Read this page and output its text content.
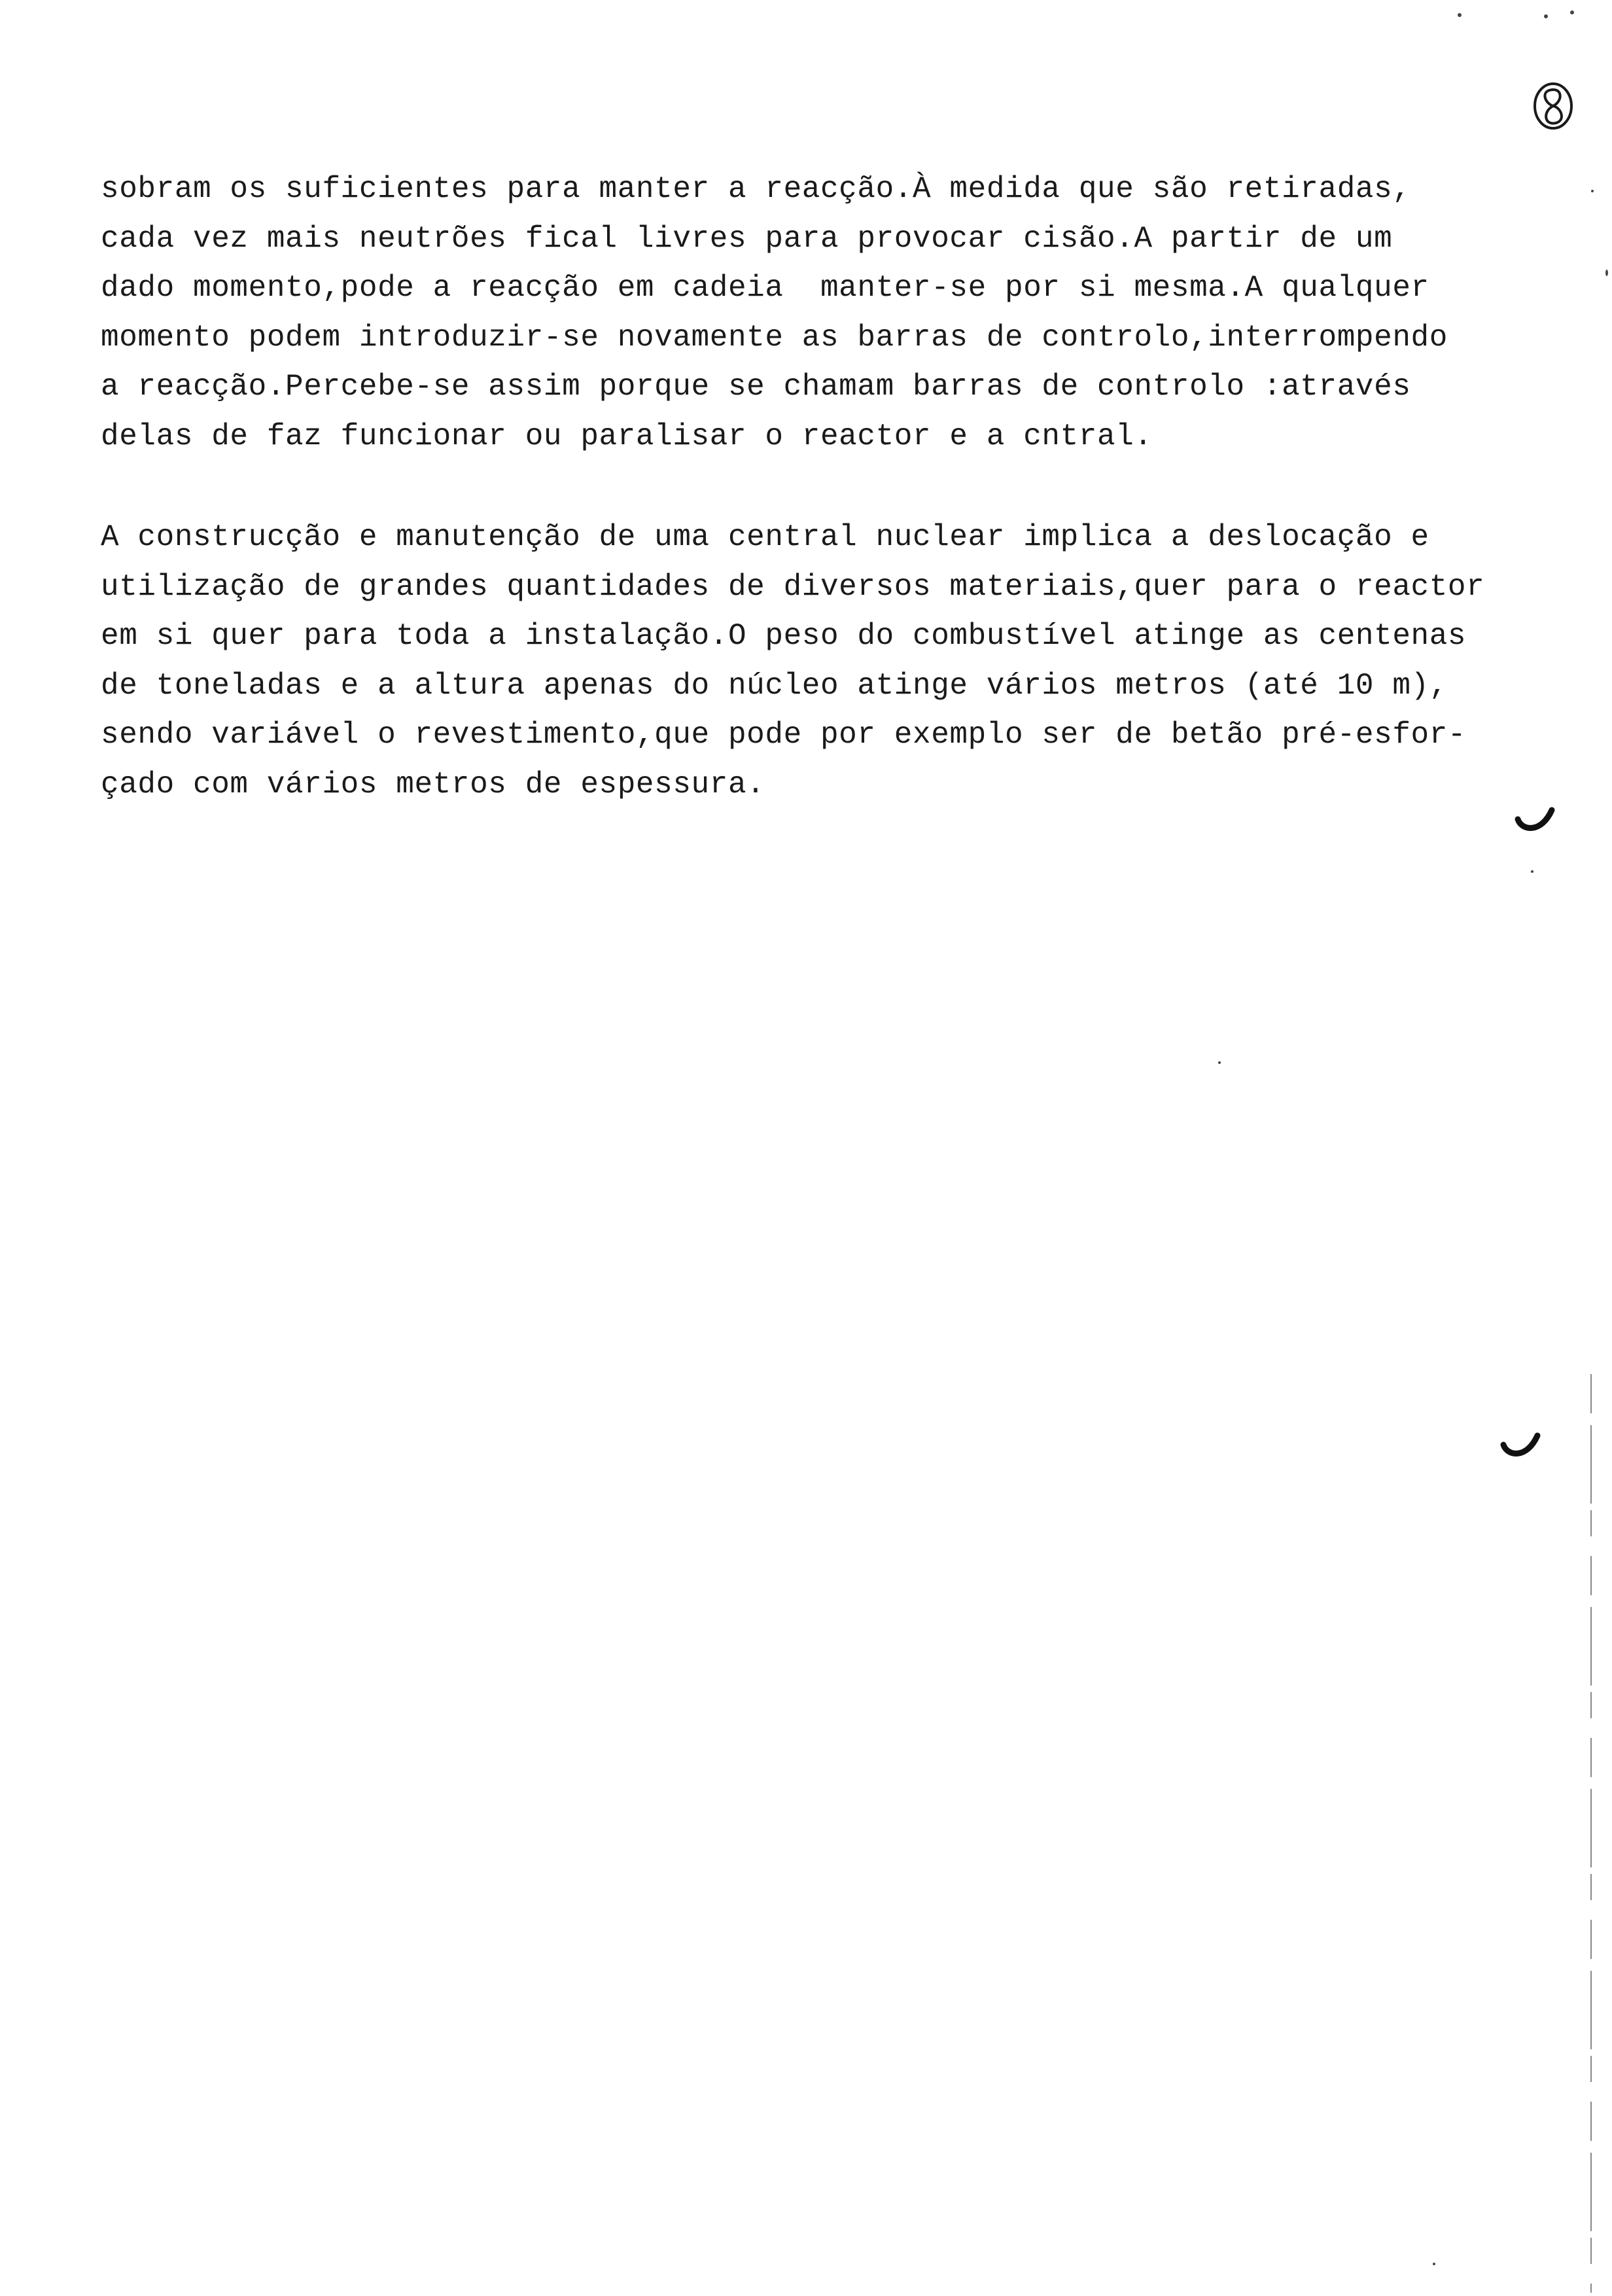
sobram os suficientes para manter a reacção.À medida que são retiradas,
cada vez mais neutrões fical livres para provocar cisão.A partir de um
dado momento,pode a reacção em cadeia  manter-se por si mesma.A qualquer
momento podem introduzir-se novamente as barras de controlo,interrompendo
a reacção.Percebe-se assim porque se chamam barras de controlo :através
delas de faz funcionar ou paralisar o reactor e a cntral.
A construcção e manutenção de uma central nuclear implica a deslocação e
utilização de grandes quantidades de diversos materiais,quer para o reactor
em si quer para toda a instalação.O peso do combustível atinge as centenas
de toneladas e a altura apenas do núcleo atinge vários metros (até 10 m),
sendo variável o revestimento,que pode por exemplo ser de betão pré-esfor-
çado com vários metros de espessura.
